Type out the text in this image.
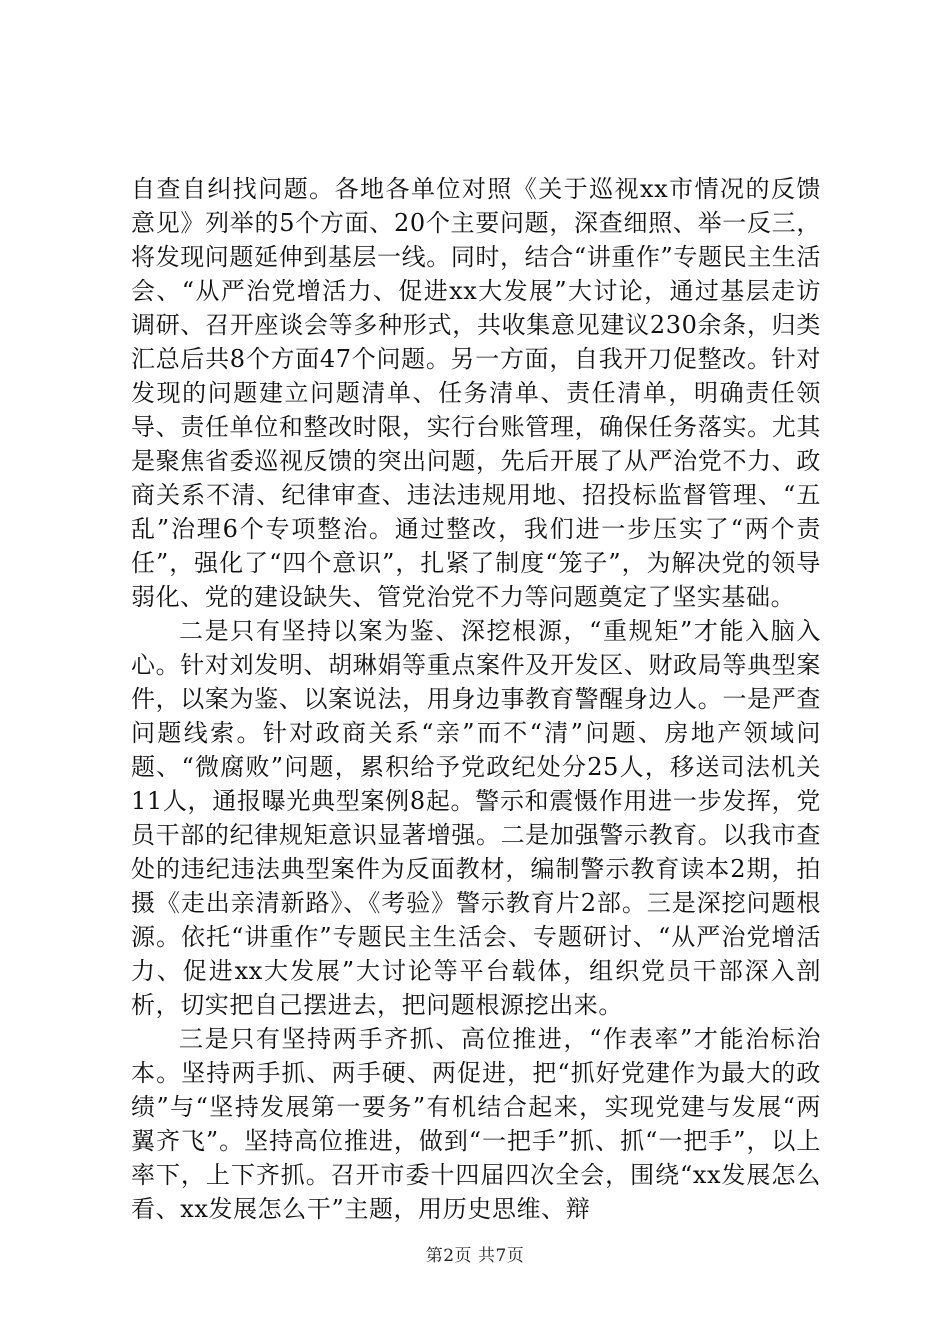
自查自纠找问题。各地各单位对照《关于巡视xx市情况的反馈意见》列举的5个方面、20个主要问题，深查细照、举一反三，将发现问题延伸到基层一线。同时，结合“讲重作”专题民主生活会、“从严治党增活力、促进xx大发展”大讨论，通过基层走访调研、召开座谈会等多种形式，共收集意见建议230余条，归类汇总后共8个方面47个问题。另一方面，自我开刀促整改。针对发现的问题建立问题清单、任务清单、责任清单，明确责任领导、责任单位和整改时限，实行台账管理，确保任务落实。尤其是聚焦省委巡视反馈的突出问题，先后开展了从严治党不力、政商关系不清、纪律审查、违法违规用地、招投标监督管理、“五乱”治理6个专项整治。通过整改，我们进一步压实了“两个责任”，强化了“四个意识”，扎紧了制度“笼子”，为解决党的领导弱化、党的建设缺失、管党治党不力等问题奠定了坚实基础。

二是只有坚持以案为鉴、深挖根源，“重规矩”才能入脑入心。针对刘发明、胡琳娟等重点案件及开发区、财政局等典型案件，以案为鉴、以案说法，用身边事教育警醒身边人。一是严查问题线索。针对政商关系“亲”而不“清”问题、房地产领域问题、“微腐败”问题，累积给予党政纪处分25人，移送司法机关11人，通报曝光典型案例8起。警示和震慑作用进一步发挥，党员干部的纪律规矩意识显著增强。二是加强警示教育。以我市查处的违纪违法典型案件为反面教材，编制警示教育读本2期，拍摄《走出亲清新路》、《考验》警示教育片2部。三是深挖问题根源。依托“讲重作”专题民主生活会、专题研讨、“从严治党增活力、促进xx大发展”大讨论等平台载体，组织党员干部深入剖析，切实把自己摆进去，把问题根源挖出来。

三是只有坚持两手齐抓、高位推进，“作表率”才能治标治本。坚持两手抓、两手硬、两促进，把“抓好党建作为最大的政绩”与“坚持发展第一要务”有机结合起来，实现党建与发展“两翼齐飞”。坚持高位推进，做到“一把手”抓、抓“一把手”，以上率下，上下齐抓。召开市委十四届四次全会，围绕“xx发展怎么看、xx发展怎么干”主题，用历史思维、辩

第2页 共7页
